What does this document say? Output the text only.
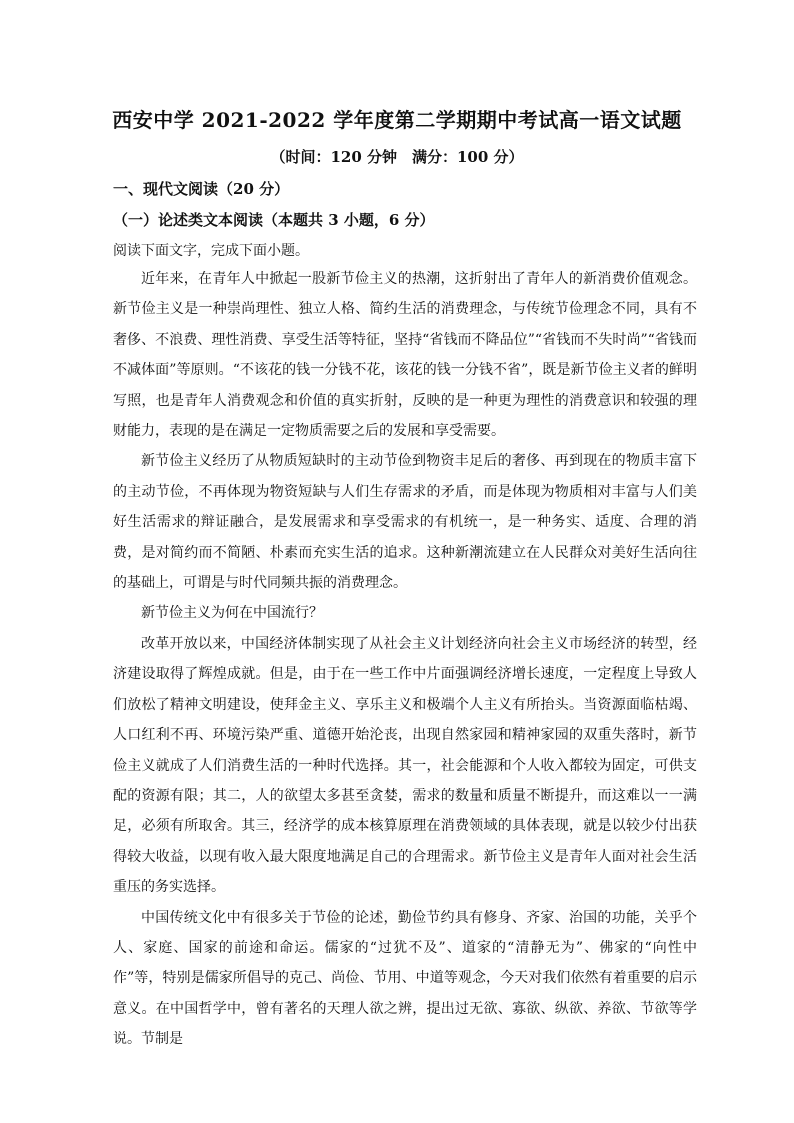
西安中学 2021-2022 学年度第二学期期中考试高一语文试题
（时间：120 分钟　满分：100 分）
一、现代文阅读（20 分）
（一）论述类文本阅读（本题共 3 小题，6 分）
阅读下面文字，完成下面小题。

近年来，在青年人中掀起一股新节俭主义的热潮，这折射出了青年人的新消费价值观念。新节俭主义是一种崇尚理性、独立人格、简约生活的消费理念，与传统节俭理念不同，具有不奢侈、不浪费、理性消费、享受生活等特征，坚持“省钱而不降品位”“省钱而不失时尚”“省钱而不减体面”等原则。“不该花的钱一分钱不花，该花的钱一分钱不省”，既是新节俭主义者的鲜明写照，也是青年人消费观念和价值的真实折射，反映的是一种更为理性的消费意识和较强的理财能力，表现的是在满足一定物质需要之后的发展和享受需要。

新节俭主义经历了从物质短缺时的主动节俭到物资丰足后的奢侈、再到现在的物质丰富下的主动节俭，不再体现为物资短缺与人们生存需求的矛盾，而是体现为物质相对丰富与人们美好生活需求的辩证融合，是发展需求和享受需求的有机统一，是一种务实、适度、合理的消费，是对简约而不简陋、朴素而充实生活的追求。这种新潮流建立在人民群众对美好生活向往的基础上，可谓是与时代同频共振的消费理念。

新节俭主义为何在中国流行？

改革开放以来，中国经济体制实现了从社会主义计划经济向社会主义市场经济的转型，经济建设取得了辉煌成就。但是，由于在一些工作中片面强调经济增长速度，一定程度上导致人们放松了精神文明建设，使拜金主义、享乐主义和极端个人主义有所抬头。当资源面临枯竭、人口红利不再、环境污染严重、道德开始沦丧，出现自然家园和精神家园的双重失落时，新节俭主义就成了人们消费生活的一种时代选择。其一，社会能源和个人收入都较为固定，可供支配的资源有限；其二，人的欲望太多甚至贪婪，需求的数量和质量不断提升，而这难以一一满足，必须有所取舍。其三，经济学的成本核算原理在消费领域的具体表现，就是以较少付出获得较大收益，以现有收入最大限度地满足自己的合理需求。新节俭主义是青年人面对社会生活重压的务实选择。

中国传统文化中有很多关于节俭的论述，勤俭节约具有修身、齐家、治国的功能，关乎个人、家庭、国家的前途和命运。儒家的“过犹不及”、道家的“清静无为”、佛家的“向性中作”等，特别是儒家所倡导的克己、尚俭、节用、中道等观念，今天对我们依然有着重要的启示意义。在中国哲学中，曾有著名的天理人欲之辨，提出过无欲、寡欲、纵欲、养欲、节欲等学说。节制是
